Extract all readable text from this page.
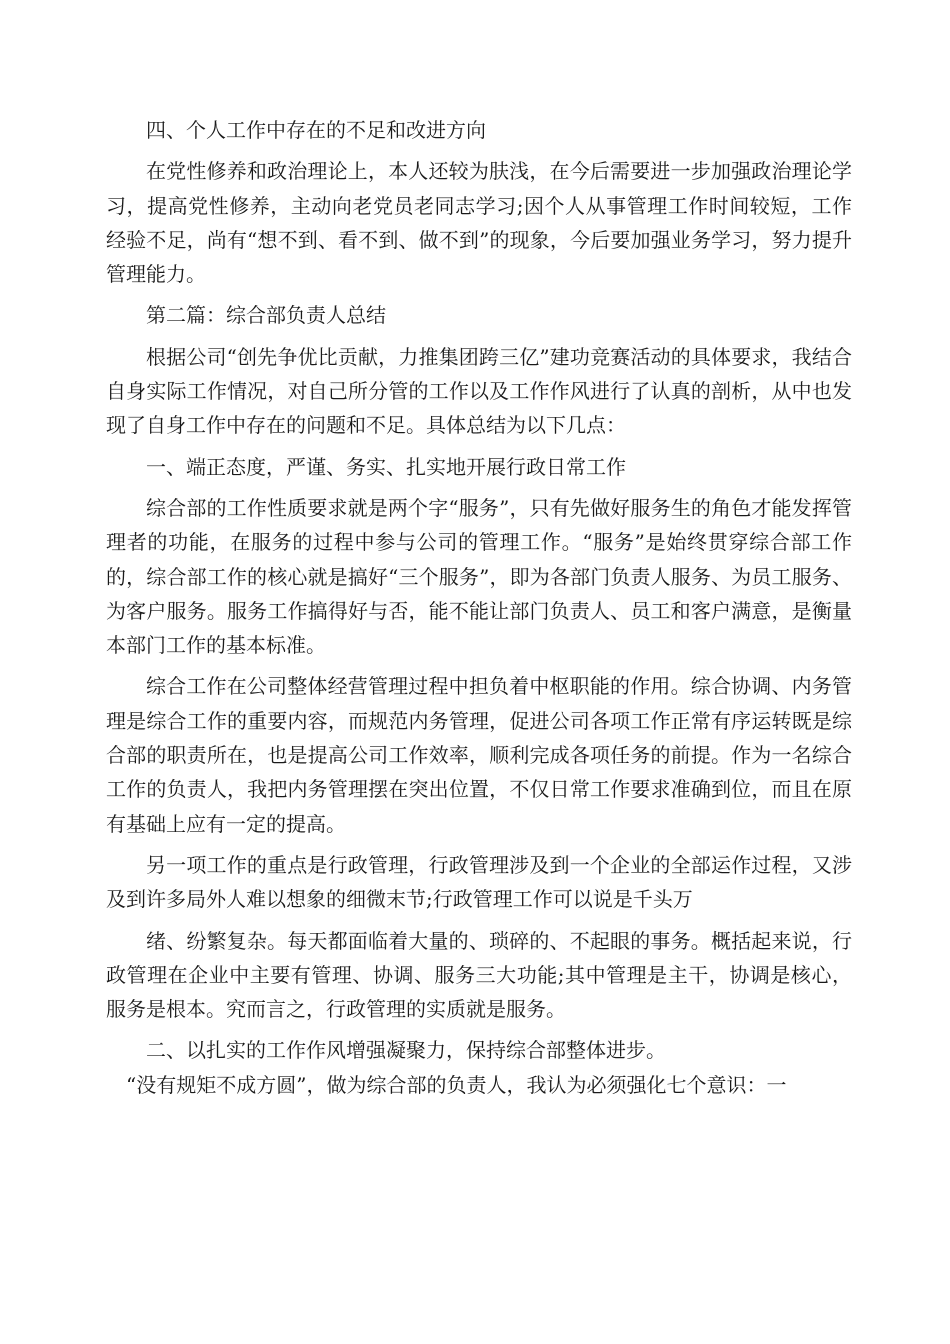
四、个人工作中存在的不足和改进方向

在党性修养和政治理论上，本人还较为肤浅，在今后需要进一步加强政治理论学习，提高党性修养，主动向老党员老同志学习;因个人从事管理工作时间较短，工作经验不足，尚有“想不到、看不到、做不到”的现象，今后要加强业务学习，努力提升管理能力。

第二篇：综合部负责人总结

根据公司“创先争优比贡献，力推集团跨三亿”建功竞赛活动的具体要求，我结合自身实际工作情况，对自己所分管的工作以及工作作风进行了认真的剖析，从中也发现了自身工作中存在的问题和不足。具体总结为以下几点：

一、端正态度，严谨、务实、扎实地开展行政日常工作

综合部的工作性质要求就是两个字“服务”，只有先做好服务生的角色才能发挥管理者的功能，在服务的过程中参与公司的管理工作。“服务”是始终贯穿综合部工作的，综合部工作的核心就是搞好“三个服务”，即为各部门负责人服务、为员工服务、为客户服务。服务工作搞得好与否，能不能让部门负责人、员工和客户满意，是衡量本部门工作的基本标准。

综合工作在公司整体经营管理过程中担负着中枢职能的作用。综合协调、内务管理是综合工作的重要内容，而规范内务管理，促进公司各项工作正常有序运转既是综合部的职责所在，也是提高公司工作效率，顺利完成各项任务的前提。作为一名综合工作的负责人，我把内务管理摆在突出位置，不仅日常工作要求准确到位，而且在原有基础上应有一定的提高。

另一项工作的重点是行政管理，行政管理涉及到一个企业的全部运作过程，又涉及到许多局外人难以想象的细微末节;行政管理工作可以说是千头万

绪、纷繁复杂。每天都面临着大量的、琐碎的、不起眼的事务。概括起来说，行政管理在企业中主要有管理、协调、服务三大功能;其中管理是主干，协调是核心，服务是根本。究而言之，行政管理的实质就是服务。

二、以扎实的工作作风增强凝聚力，保持综合部整体进步。

“没有规矩不成方圆”，做为综合部的负责人，我认为必须强化七个意识：一
